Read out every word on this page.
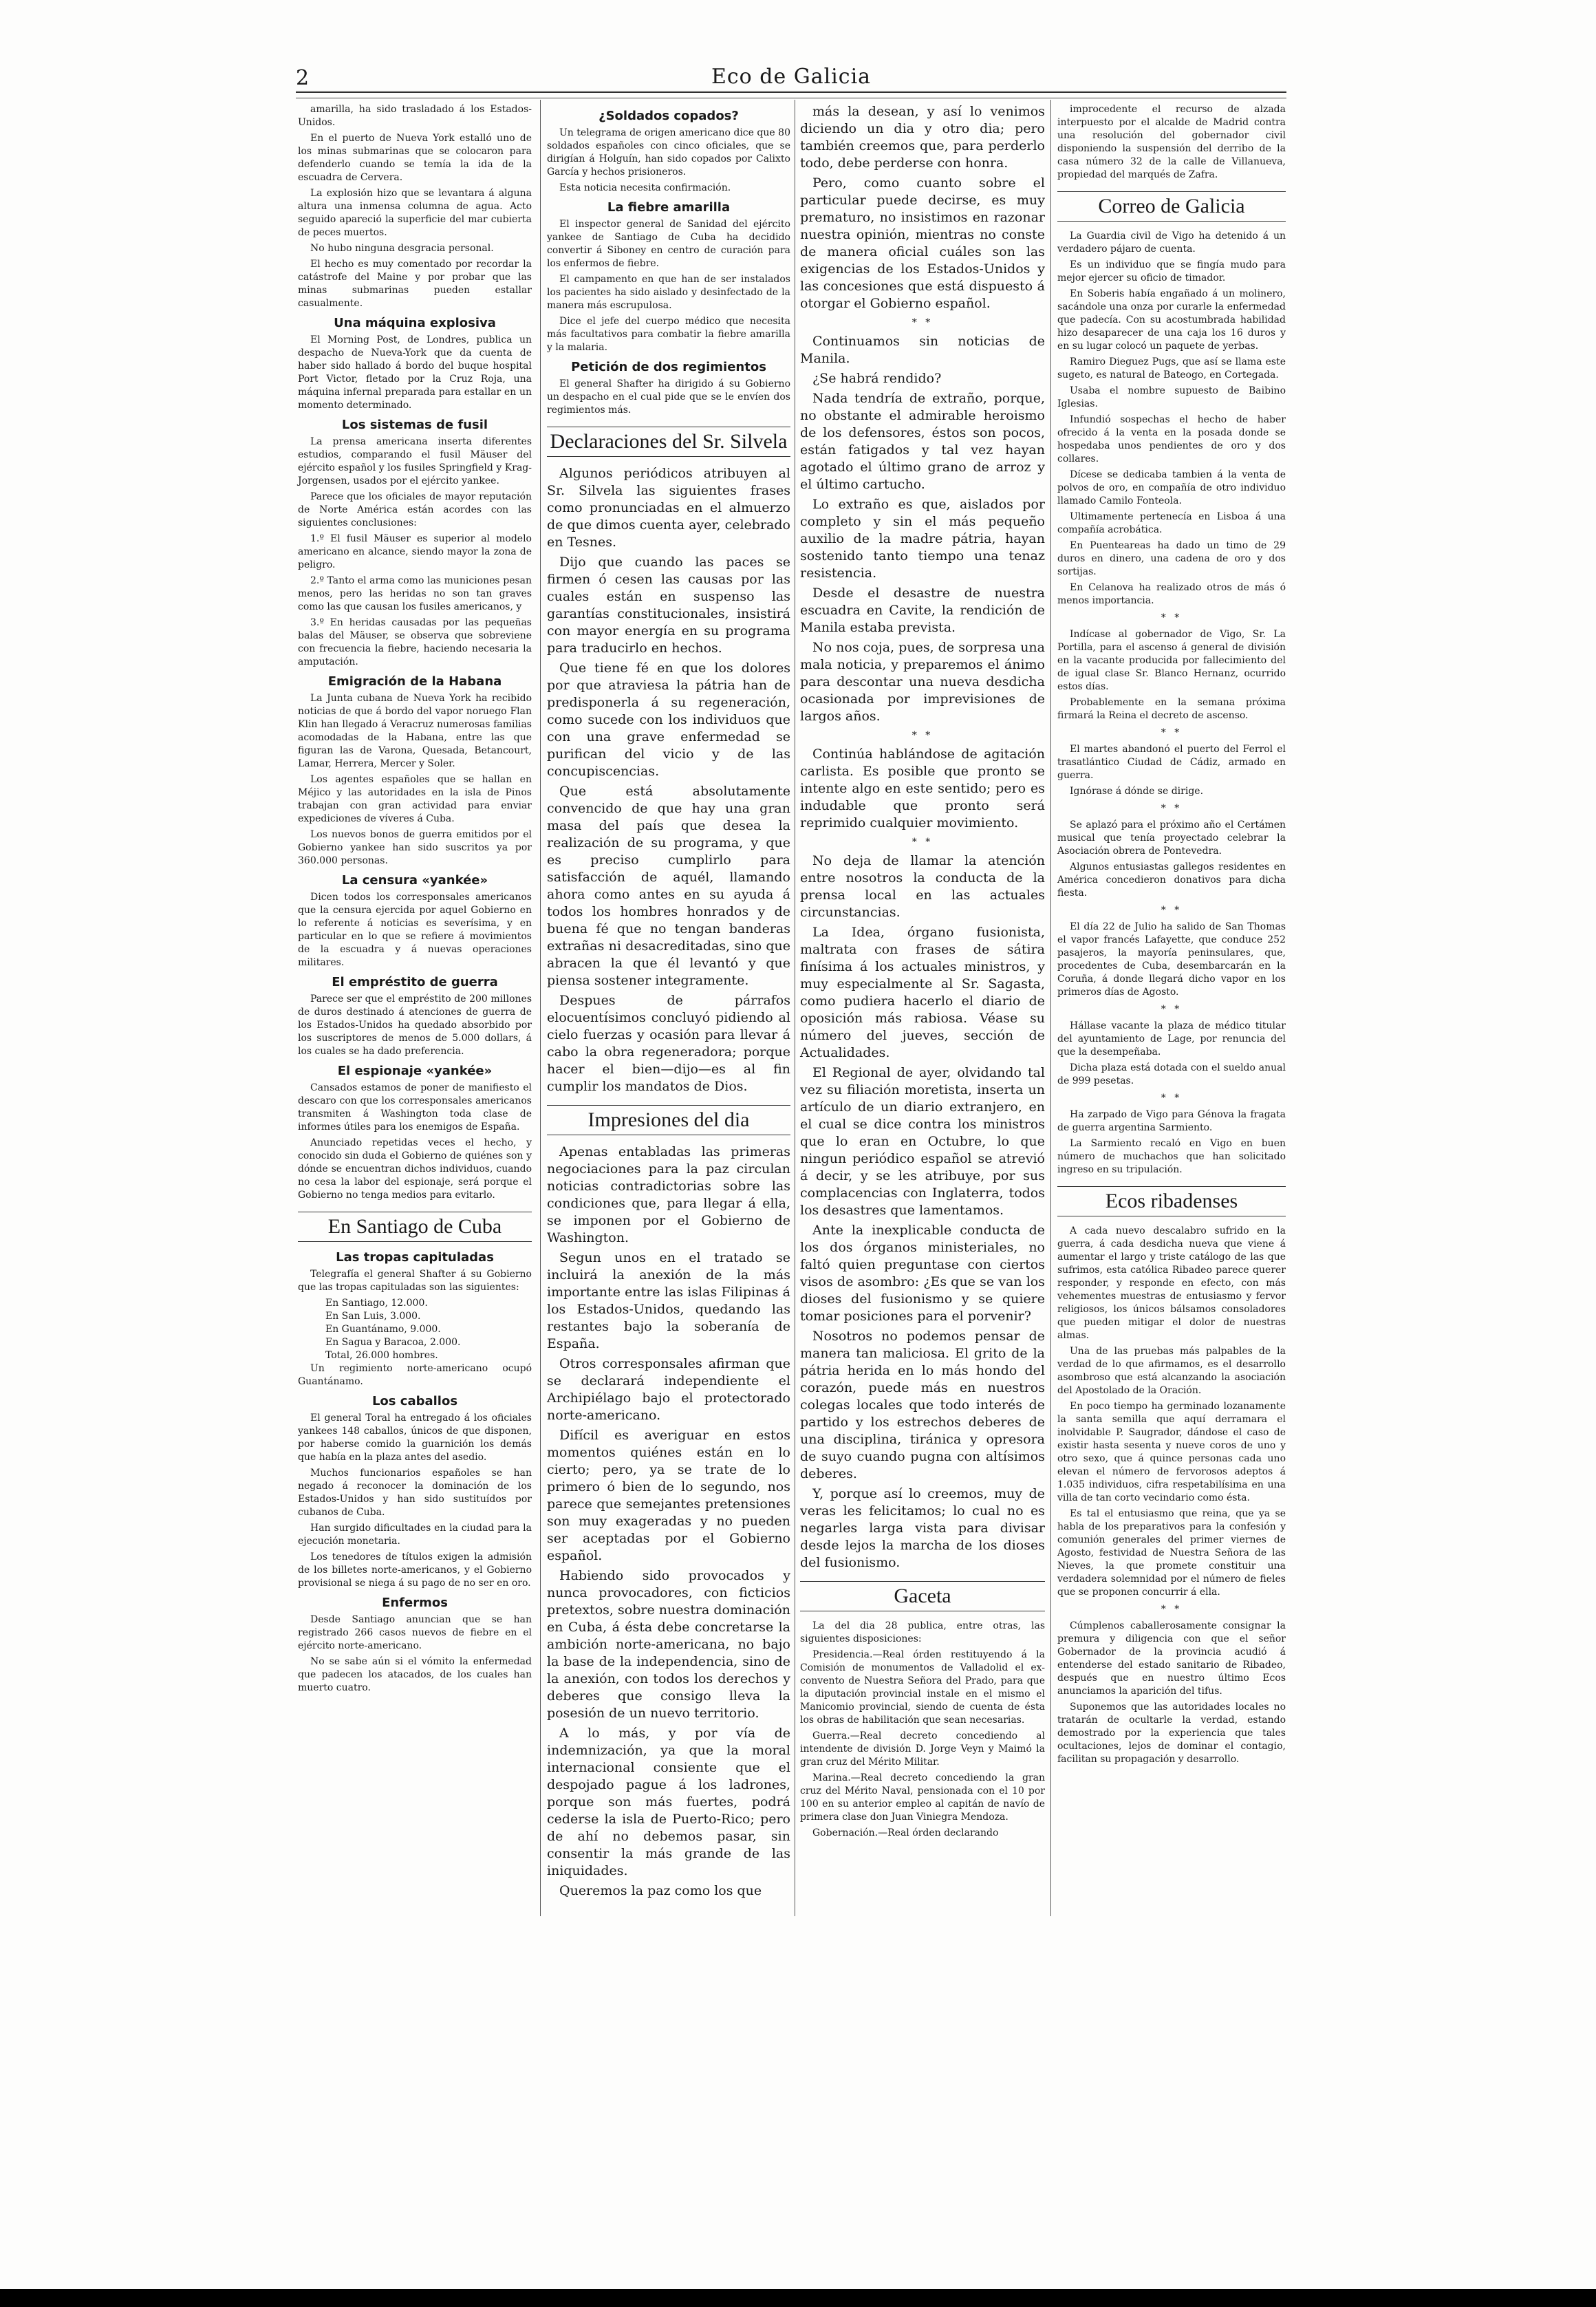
2	Eco de Galicia

amarilla, ha sido trasladado á los Estados-Unidos.

En el puerto de Nueva York estalló uno de los minas submarinas que se colocaron para defenderlo cuando se temía la ida de la escuadra de Cervera.

La explosión hizo que se levantara á alguna altura una inmensa columna de agua. Acto seguido apareció la superficie del mar cubierta de peces muertos.

No hubo ninguna desgracia personal.

El hecho es muy comentado por recordar la catástrofe del Maine y por probar que las minas submarinas pueden estallar casualmente.

Una máquina explosiva

El Morning Post, de Londres, publica un despacho de Nueva-York que da cuenta de haber sido hallado á bordo del buque hospital Port Victor, fletado por la Cruz Roja, una máquina infernal preparada para estallar en un momento determinado.

Los sistemas de fusil

La prensa americana inserta diferentes estudios, comparando el fusil Mäuser del ejército español y los fusiles Springfield y Krag-Jorgensen, usados por el ejército yankee.

Parece que los oficiales de mayor reputación de Norte América están acordes con las siguientes conclusiones:

1.º El fusil Mäuser es superior al modelo americano en alcance, siendo mayor la zona de peligro.

2.º Tanto el arma como las municiones pesan menos, pero las heridas no son tan graves como las que causan los fusiles americanos, y

3.º En heridas causadas por las pequeñas balas del Mäuser, se observa que sobreviene con frecuencia la fiebre, haciendo necesaria la amputación.

Emigración de la Habana

La Junta cubana de Nueva York ha recibido noticias de que á bordo del vapor noruego Flan Klin han llegado á Veracruz numerosas familias acomodadas de la Habana, entre las que figuran las de Varona, Quesada, Betancourt, Lamar, Herrera, Mercer y Soler.

Los agentes españoles que se hallan en Méjico y las autoridades en la isla de Pinos trabajan con gran actividad para enviar expediciones de víveres á Cuba.

Los nuevos bonos de guerra emitidos por el Gobierno yankee han sido suscritos ya por 360.000 personas.

La censura «yankée»

Dicen todos los corresponsales americanos que la censura ejercida por aquel Gobierno en lo referente á noticias es severísima, y en particular en lo que se refiere á movimientos de la escuadra y á nuevas operaciones militares.

El empréstito de guerra

Parece ser que el empréstito de 200 millones de duros destinado á atenciones de guerra de los Estados-Unidos ha quedado absorbido por los suscriptores de menos de 5.000 dollars, á los cuales se ha dado preferencia.

El espionaje «yankée»

Cansados estamos de poner de manifiesto el descaro con que los corresponsales americanos transmiten á Washington toda clase de informes útiles para los enemigos de España.

Anunciado repetidas veces el hecho, y conocido sin duda el Gobierno de quiénes son y dónde se encuentran dichos individuos, cuando no cesa la labor del espionaje, será porque el Gobierno no tenga medios para evitarlo.

En Santiago de Cuba
Las tropas capituladas

Telegrafía el general Shafter á su Gobierno que las tropas capituladas son las siguientes:

En Santiago, 12.000.
En San Luis, 3.000.
En Guantánamo, 9.000.
En Sagua y Baracoa, 2.000.
Total, 26.000 hombres.

Un regimiento norte-americano ocupó Guantánamo.

Los caballos

El general Toral ha entregado á los oficiales yankees 148 caballos, únicos de que disponen, por haberse comido la guarnición los demás que había en la plaza antes del asedio.

Muchos funcionarios españoles se han negado á reconocer la dominación de los Estados-Unidos y han sido sustituídos por cubanos de Cuba.

Han surgido dificultades en la ciudad para la ejecución monetaria.

Los tenedores de títulos exigen la admisión de los billetes norte-americanos, y el Gobierno provisional se niega á su pago de no ser en oro.

Enfermos

Desde Santiago anuncian que se han registrado 266 casos nuevos de fiebre en el ejército norte-americano.

No se sabe aún si el vómito la enfermedad que padecen los atacados, de los cuales han muerto cuatro.

¿Soldados copados?

Un telegrama de origen americano dice que 80 soldados españoles con cinco oficiales, que se dirigían á Holguín, han sido copados por Calixto García y hechos prisioneros.

Esta noticia necesita confirmación.

La fiebre amarilla

El inspector general de Sanidad del ejército yankee de Santiago de Cuba ha decidido convertir á Siboney en centro de curación para los enfermos de fiebre.

El campamento en que han de ser instalados los pacientes ha sido aislado y desinfectado de la manera más escrupulosa.

Dice el jefe del cuerpo médico que necesita más facultativos para combatir la fiebre amarilla y la malaria.

Petición de dos regimientos

El general Shafter ha dirigido á su Gobierno un despacho en el cual pide que se le envíen dos regimientos más.

Declaraciones del Sr. Silvela

Algunos periódicos atribuyen al Sr. Silvela las siguientes frases como pronunciadas en el almuerzo de que dimos cuenta ayer, celebrado en Tesnes.

Dijo que cuando las paces se firmen ó cesen las causas por las cuales están en suspenso las garantías constitucionales, insistirá con mayor energía en su programa para traducirlo en hechos.

Que tiene fé en que los dolores por que atraviesa la pátria han de predisponerla á su regeneración, como sucede con los individuos que con una grave enfermedad se purifican del vicio y de las concupiscencias.

Que está absolutamente convencido de que hay una gran masa del país que desea la realización de su programa, y que es preciso cumplirlo para satisfacción de aquél, llamando ahora como antes en su ayuda á todos los hombres honrados y de buena fé que no tengan banderas extrañas ni desacreditadas, sino que abracen la que él levantó y que piensa sostener integramente.

Despues de párrafos elocuentísimos concluyó pidiendo al cielo fuerzas y ocasión para llevar á cabo la obra regeneradora; porque hacer el bien—dijo—es al fin cumplir los mandatos de Dios.

Impresiones del dia

Apenas entabladas las primeras negociaciones para la paz circulan noticias contradictorias sobre las condiciones que, para llegar á ella, se imponen por el Gobierno de Washington.

Segun unos en el tratado se incluirá la anexión de la más importante entre las islas Filipinas á los Estados-Unidos, quedando las restantes bajo la soberanía de España.

Otros corresponsales afirman que se declarará independiente el Archipiélago bajo el protectorado norte-americano.

Difícil es averiguar en estos momentos quiénes están en lo cierto; pero, ya se trate de lo primero ó bien de lo segundo, nos parece que semejantes pretensiones son muy exageradas y no pueden ser aceptadas por el Gobierno español.

Habiendo sido provocados y nunca provocadores, con ficticios pretextos, sobre nuestra dominación en Cuba, á ésta debe concretarse la ambición norte-americana, no bajo la base de la independencia, sino de la anexión, con todos los derechos y deberes que consigo lleva la posesión de un nuevo territorio.

A lo más, y por vía de indemnización, ya que la moral internacional consiente que el despojado pague á los ladrones, porque son más fuertes, podrá cederse la isla de Puerto-Rico; pero de ahí no debemos pasar, sin consentir la más grande de las iniquidades.

Queremos la paz como los que

más la desean, y así lo venimos diciendo un dia y otro dia; pero también creemos que, para perderlo todo, debe perderse con honra.

Pero, como cuanto sobre el particular puede decirse, es muy prematuro, no insistimos en razonar nuestra opinión, mientras no conste de manera oficial cuáles son las exigencias de los Estados-Unidos y las concesiones que está dispuesto á otorgar el Gobierno español.

* *

Continuamos sin noticias de Manila.

¿Se habrá rendido?

Nada tendría de extraño, porque, no obstante el admirable heroismo de los defensores, éstos son pocos, están fatigados y tal vez hayan agotado el último grano de arroz y el último cartucho.

Lo extraño es que, aislados por completo y sin el más pequeño auxilio de la madre pátria, hayan sostenido tanto tiempo una tenaz resistencia.

Desde el desastre de nuestra escuadra en Cavite, la rendición de Manila estaba prevista.

No nos coja, pues, de sorpresa una mala noticia, y preparemos el ánimo para descontar una nueva desdicha ocasionada por imprevisiones de largos años.

* *

Continúa hablándose de agitación carlista. Es posible que pronto se intente algo en este sentido; pero es indudable que pronto será reprimido cualquier movimiento.

* *

No deja de llamar la atención entre nosotros la conducta de la prensa local en las actuales circunstancias.

La Idea, órgano fusionista, maltrata con frases de sátira finísima á los actuales ministros, y muy especialmente al Sr. Sagasta, como pudiera hacerlo el diario de oposición más rabiosa. Véase su número del jueves, sección de Actualidades.

El Regional de ayer, olvidando tal vez su filiación moretista, inserta un artículo de un diario extranjero, en el cual se dice contra los ministros que lo eran en Octubre, lo que ningun periódico español se atrevió á decir, y se les atribuye, por sus complacencias con Inglaterra, todos los desastres que lamentamos.

Ante la inexplicable conducta de los dos órganos ministeriales, no faltó quien preguntase con ciertos visos de asombro: ¿Es que se van los dioses del fusionismo y se quiere tomar posiciones para el porvenir?

Nosotros no podemos pensar de manera tan maliciosa. El grito de la pátria herida en lo más hondo del corazón, puede más en nuestros colegas locales que todo interés de partido y los estrechos deberes de una disciplina, tiránica y opresora de suyo cuando pugna con altísimos deberes.

Y, porque así lo creemos, muy de veras les felicitamos; lo cual no es negarles larga vista para divisar desde lejos la marcha de los dioses del fusionismo.

Gaceta

La del dia 28 publica, entre otras, las siguientes disposiciones:

Presidencia.—Real órden restituyendo á la Comisión de monumentos de Valladolid el ex-convento de Nuestra Señora del Prado, para que la diputación provincial instale en el mismo el Manicomio provincial, siendo de cuenta de ésta los obras de habilitación que sean necesarias.

Guerra.—Real decreto concediendo al intendente de división D. Jorge Veyn y Maimó la gran cruz del Mérito Militar.

Marina.—Real decreto concediendo la gran cruz del Mérito Naval, pensionada con el 10 por 100 en su anterior empleo al capitán de navío de primera clase don Juan Viniegra Mendoza.

Gobernación.—Real órden declarando

improcedente el recurso de alzada interpuesto por el alcalde de Madrid contra una resolución del gobernador civil disponiendo la suspensión del derribo de la casa número 32 de la calle de Villanueva, propiedad del marqués de Zafra.

Correo de Galicia

La Guardia civil de Vigo ha detenido á un verdadero pájaro de cuenta.

Es un individuo que se fingía mudo para mejor ejercer su oficio de timador.

En Soberis había engañado á un molinero, sacándole una onza por curarle la enfermedad que padecía. Con su acostumbrada habilidad hizo desaparecer de una caja los 16 duros y en su lugar colocó un paquete de yerbas.

Ramiro Dieguez Pugs, que así se llama este sugeto, es natural de Bateogo, en Cortegada.

Usaba el nombre supuesto de Baibino Iglesias.

Infundió sospechas el hecho de haber ofrecido á la venta en la posada donde se hospedaba unos pendientes de oro y dos collares.

Dícese se dedicaba tambien á la venta de polvos de oro, en compañía de otro individuo llamado Camilo Fonteola.

Ultimamente pertenecía en Lisboa á una compañía acrobática.

En Puenteareas ha dado un timo de 29 duros en dinero, una cadena de oro y dos sortijas.

En Celanova ha realizado otros de más ó menos importancia.

* *

Indícase al gobernador de Vigo, Sr. La Portilla, para el ascenso á general de división en la vacante producida por fallecimiento del de igual clase Sr. Blanco Hernanz, ocurrido estos días.

Probablemente en la semana próxima firmará la Reina el decreto de ascenso.

* *

El martes abandonó el puerto del Ferrol el trasatlántico Ciudad de Cádiz, armado en guerra.

Ignórase á dónde se dirige.

* *

Se aplazó para el próximo año el Certámen musical que tenía proyectado celebrar la Asociación obrera de Pontevedra.

Algunos entusiastas gallegos residentes en América concedieron donativos para dicha fiesta.

* *

El día 22 de Julio ha salido de San Thomas el vapor francés Lafayette, que conduce 252 pasajeros, la mayoría peninsulares, que, procedentes de Cuba, desembarcarán en la Coruña, á donde llegará dicho vapor en los primeros días de Agosto.

* *

Hállase vacante la plaza de médico titular del ayuntamiento de Lage, por renuncia del que la desempeñaba.

Dicha plaza está dotada con el sueldo anual de 999 pesetas.

* *

Ha zarpado de Vigo para Génova la fragata de guerra argentina Sarmiento.

La Sarmiento recaló en Vigo en buen número de muchachos que han solicitado ingreso en su tripulación.

Ecos ribadenses

A cada nuevo descalabro sufrido en la guerra, á cada desdicha nueva que viene á aumentar el largo y triste catálogo de las que sufrimos, esta católica Ribadeo parece querer responder, y responde en efecto, con más vehementes muestras de entusiasmo y fervor religiosos, los únicos bálsamos consoladores que pueden mitigar el dolor de nuestras almas.

Una de las pruebas más palpables de la verdad de lo que afirmamos, es el desarrollo asombroso que está alcanzando la asociación del Apostolado de la Oración.

En poco tiempo ha germinado lozanamente la santa semilla que aquí derramara el inolvidable P. Saugrador, dándose el caso de existir hasta sesenta y nueve coros de uno y otro sexo, que á quince personas cada uno elevan el número de fervorosos adeptos á 1.035 individuos, cifra respetabilísima en una villa de tan corto vecindario como ésta.

Es tal el entusiasmo que reina, que ya se habla de los preparativos para la confesión y comunión generales del primer viernes de Agosto, festividad de Nuestra Señora de las Nieves, la que promete constituir una verdadera solemnidad por el número de fieles que se proponen concurrir á ella.

* *

Cúmplenos caballerosamente consignar la premura y diligencia con que el señor Gobernador de la provincia acudió á entenderse del estado sanitario de Ribadeo, después que en nuestro último Ecos anunciamos la aparición del tifus.

Suponemos que las autoridades locales no tratarán de ocultarle la verdad, estando demostrado por la experiencia que tales ocultaciones, lejos de dominar el contagio, facilitan su propagación y desarrollo.
